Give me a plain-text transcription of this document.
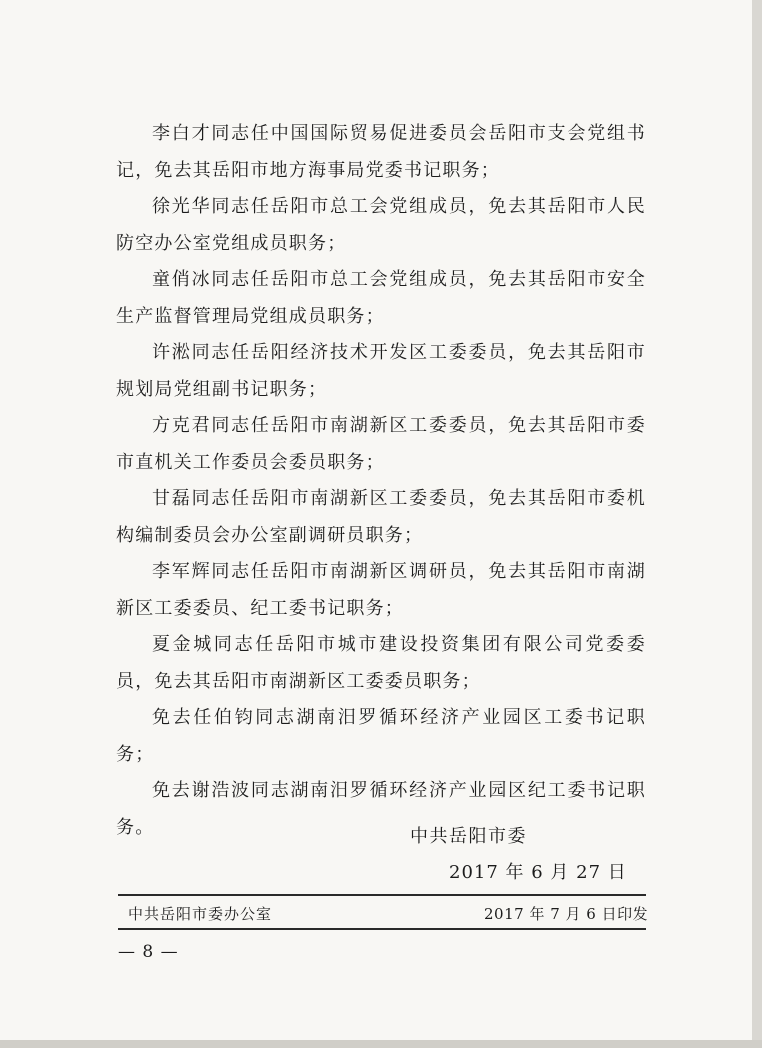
李白才同志任中国国际贸易促进委员会岳阳市支会党组书记，免去其岳阳市地方海事局党委书记职务；

徐光华同志任岳阳市总工会党组成员，免去其岳阳市人民防空办公室党组成员职务；

童俏冰同志任岳阳市总工会党组成员，免去其岳阳市安全生产监督管理局党组成员职务；

许淞同志任岳阳经济技术开发区工委委员，免去其岳阳市规划局党组副书记职务；

方克君同志任岳阳市南湖新区工委委员，免去其岳阳市委市直机关工作委员会委员职务；

甘磊同志任岳阳市南湖新区工委委员，免去其岳阳市委机构编制委员会办公室副调研员职务；

李军辉同志任岳阳市南湖新区调研员，免去其岳阳市南湖新区工委委员、纪工委书记职务；

夏金城同志任岳阳市城市建设投资集团有限公司党委委员，免去其岳阳市南湖新区工委委员职务；

免去任伯钧同志湖南汨罗循环经济产业园区工委书记职务；

免去谢浩波同志湖南汨罗循环经济产业园区纪工委书记职务。	中共岳阳市委
2017 年 6 月 27 日
中共岳阳市委办公室	2017 年 7 月 6 日印发
— 8 —
